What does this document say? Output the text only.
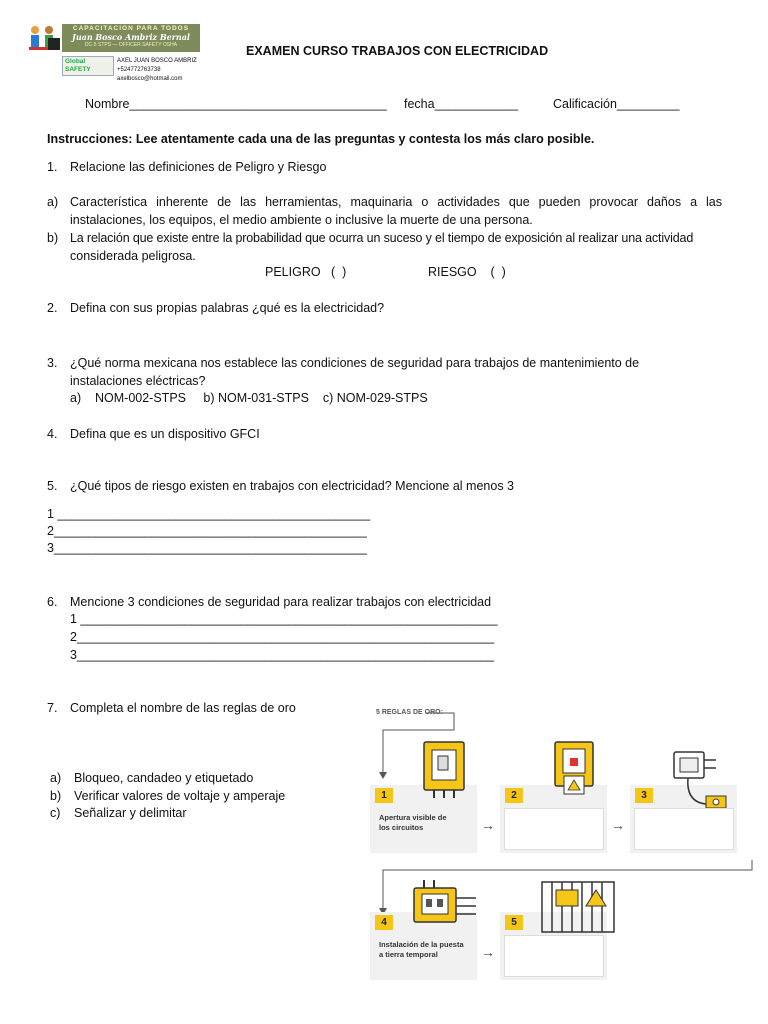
CAPACITACION PARA TODOS
Juan Bosco Ambriz Bernal
DC-5 STPS — OFFICER SAFETY OSHA
Global SAFETY
AXEL JUAN BOSCO AMBRIZ
+524772763738
axelbosco@hotmail.com
EXAMEN CURSO TRABAJOS CON ELECTRICIDAD
Nombre_____________________________________ fecha____________	Calificación_________
Instrucciones: Lee atentamente cada una de las preguntas y contesta los más claro posible.
1. Relacione las definiciones de Peligro y Riesgo
a) Característica inherente de las herramientas, maquinaria o actividades que pueden provocar daños a las
instalaciones, los equipos, el medio ambiente o inclusive la muerte de una persona.
b) La relación que existe entre la probabilidad que ocurra un suceso y el tiempo de exposición al realizar una actividad
considerada peligrosa.
PELIGRO   (  )	RIESGO    (  )
2. Defina con sus propias palabras ¿qué es la electricidad?
3. ¿Qué norma mexicana nos establece las condiciones de seguridad para trabajos de mantenimiento de
instalaciones eléctricas?
a)    NOM-002-STPS     b) NOM-031-STPS    c) NOM-029-STPS
4. Defina que es un dispositivo GFCI
5. ¿Qué tipos de riesgo existen en trabajos con electricidad? Mencione al menos 3
1 _____________________________________________
2_____________________________________________
3_____________________________________________
6. Mencione 3 condiciones de seguridad para realizar trabajos con electricidad
1 ____________________________________________________________
2____________________________________________________________
3____________________________________________________________
7. Completa el nombre de las reglas de oro
a) Bloqueo, candadeo y etiquetado
b) Verificar valores de voltaje y amperaje
c) Señalizar y delimitar
5 REGLAS DE ORO:
1
Apertura visible de los circuitos	→
2
→
3
4
Instalación de la puesta a tierra temporal	→
5
